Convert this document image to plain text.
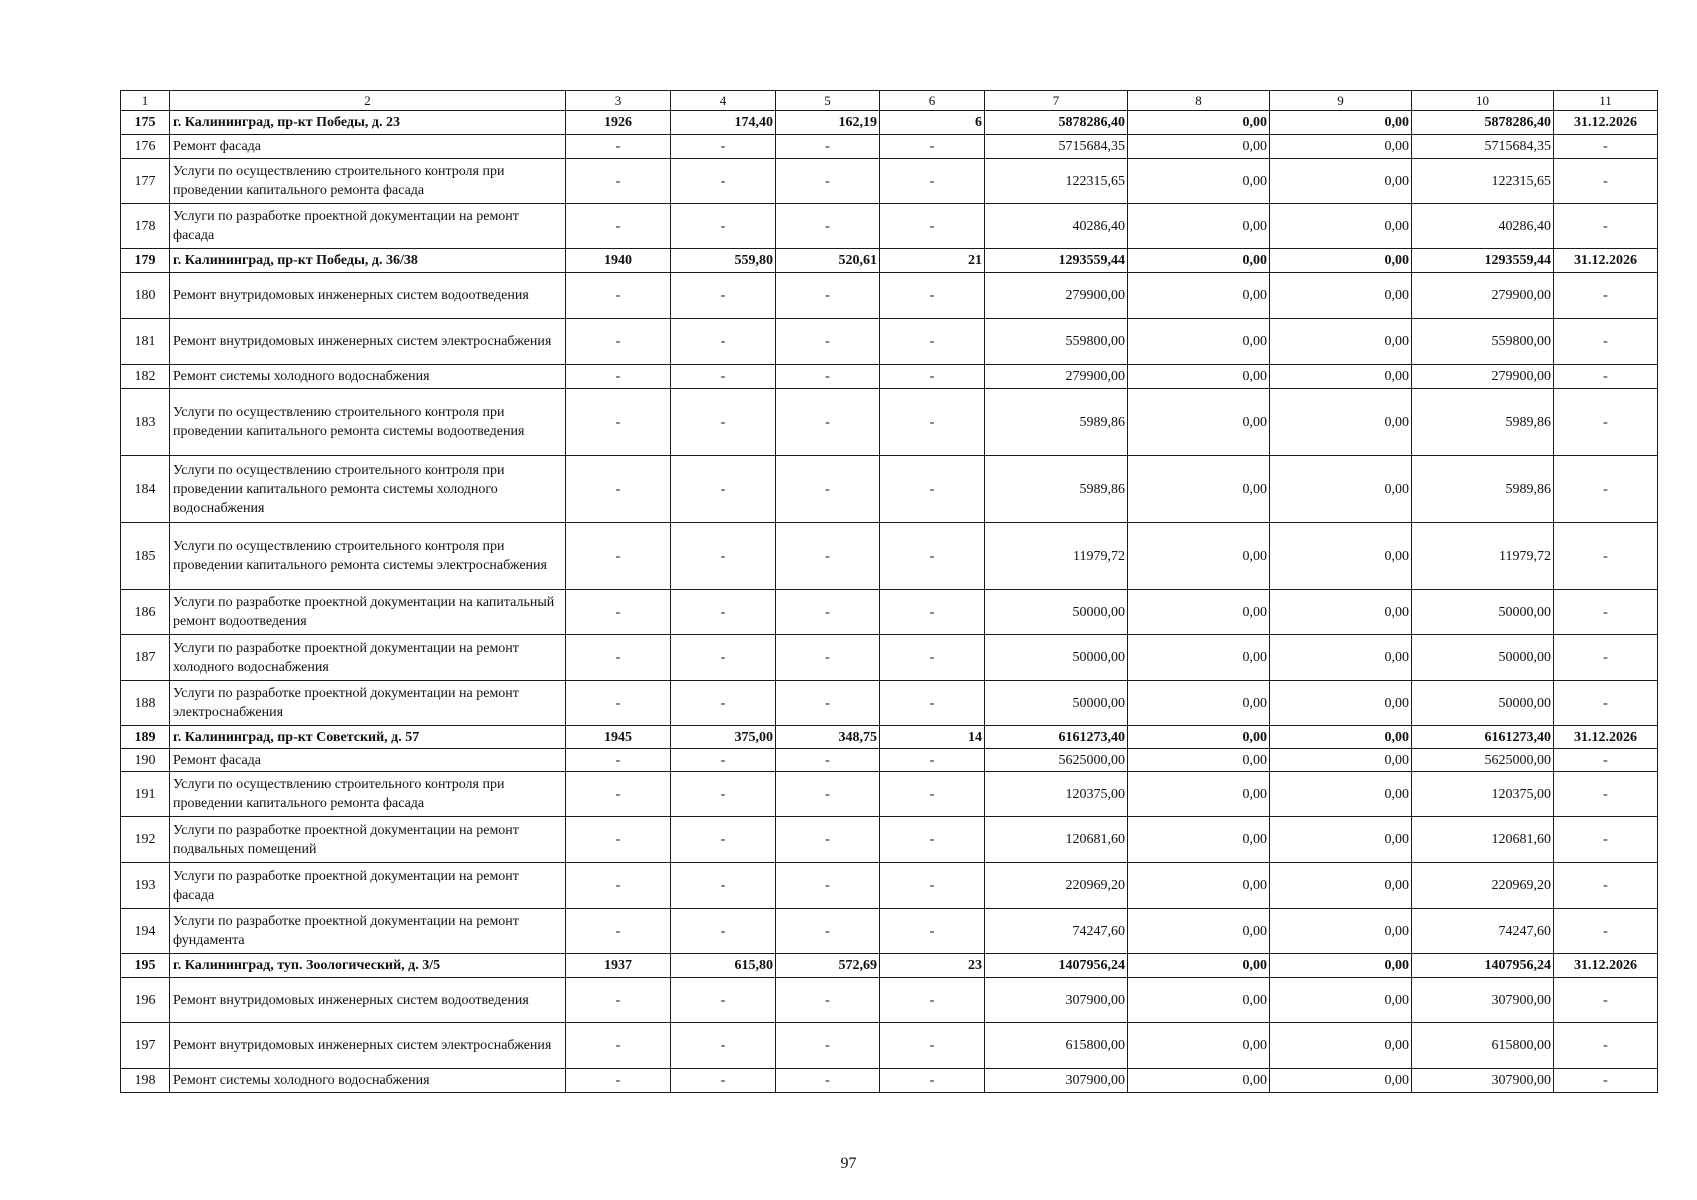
1	2	3	4	5	6	7	8	9	10	11
175	г. Калининград, пр-кт Победы, д. 23	1926	174,40	162,19	6	5878286,40	0,00	0,00	5878286,40	31.12.2026
176	Ремонт фасада	-	-	-	-	5715684,35	0,00	0,00	5715684,35	-
177	Услуги по осуществлению строительного контроля при проведении капитального ремонта фасада	-	-	-	-	122315,65	0,00	0,00	122315,65	-
178	Услуги по разработке проектной документации на ремонт фасада	-	-	-	-	40286,40	0,00	0,00	40286,40	-
179	г. Калининград, пр-кт Победы, д. 36/38	1940	559,80	520,61	21	1293559,44	0,00	0,00	1293559,44	31.12.2026
180	Ремонт внутридомовых инженерных систем водоотведения	-	-	-	-	279900,00	0,00	0,00	279900,00	-
181	Ремонт внутридомовых инженерных систем электроснабжения	-	-	-	-	559800,00	0,00	0,00	559800,00	-
182	Ремонт системы холодного водоснабжения	-	-	-	-	279900,00	0,00	0,00	279900,00	-
183	Услуги по осуществлению строительного контроля при проведении капитального ремонта системы водоотведения	-	-	-	-	5989,86	0,00	0,00	5989,86	-
184	Услуги по осуществлению строительного контроля при проведении капитального ремонта системы холодного водоснабжения	-	-	-	-	5989,86	0,00	0,00	5989,86	-
185	Услуги по осуществлению строительного контроля при проведении капитального ремонта системы электроснабжения	-	-	-	-	11979,72	0,00	0,00	11979,72	-
186	Услуги по разработке проектной документации на капитальный ремонт водоотведения	-	-	-	-	50000,00	0,00	0,00	50000,00	-
187	Услуги по разработке проектной документации на ремонт холодного водоснабжения	-	-	-	-	50000,00	0,00	0,00	50000,00	-
188	Услуги по разработке проектной документации на ремонт электроснабжения	-	-	-	-	50000,00	0,00	0,00	50000,00	-
189	г. Калининград, пр-кт Советский, д. 57	1945	375,00	348,75	14	6161273,40	0,00	0,00	6161273,40	31.12.2026
190	Ремонт фасада	-	-	-	-	5625000,00	0,00	0,00	5625000,00	-
191	Услуги по осуществлению строительного контроля при проведении капитального ремонта фасада	-	-	-	-	120375,00	0,00	0,00	120375,00	-
192	Услуги по разработке проектной документации на ремонт подвальных помещений	-	-	-	-	120681,60	0,00	0,00	120681,60	-
193	Услуги по разработке проектной документации на ремонт фасада	-	-	-	-	220969,20	0,00	0,00	220969,20	-
194	Услуги по разработке проектной документации на ремонт фундамента	-	-	-	-	74247,60	0,00	0,00	74247,60	-
195	г. Калининград, туп. Зоологический, д. 3/5	1937	615,80	572,69	23	1407956,24	0,00	0,00	1407956,24	31.12.2026
196	Ремонт внутридомовых инженерных систем водоотведения	-	-	-	-	307900,00	0,00	0,00	307900,00	-
197	Ремонт внутридомовых инженерных систем электроснабжения	-	-	-	-	615800,00	0,00	0,00	615800,00	-
198	Ремонт системы холодного водоснабжения	-	-	-	-	307900,00	0,00	0,00	307900,00	-
97
